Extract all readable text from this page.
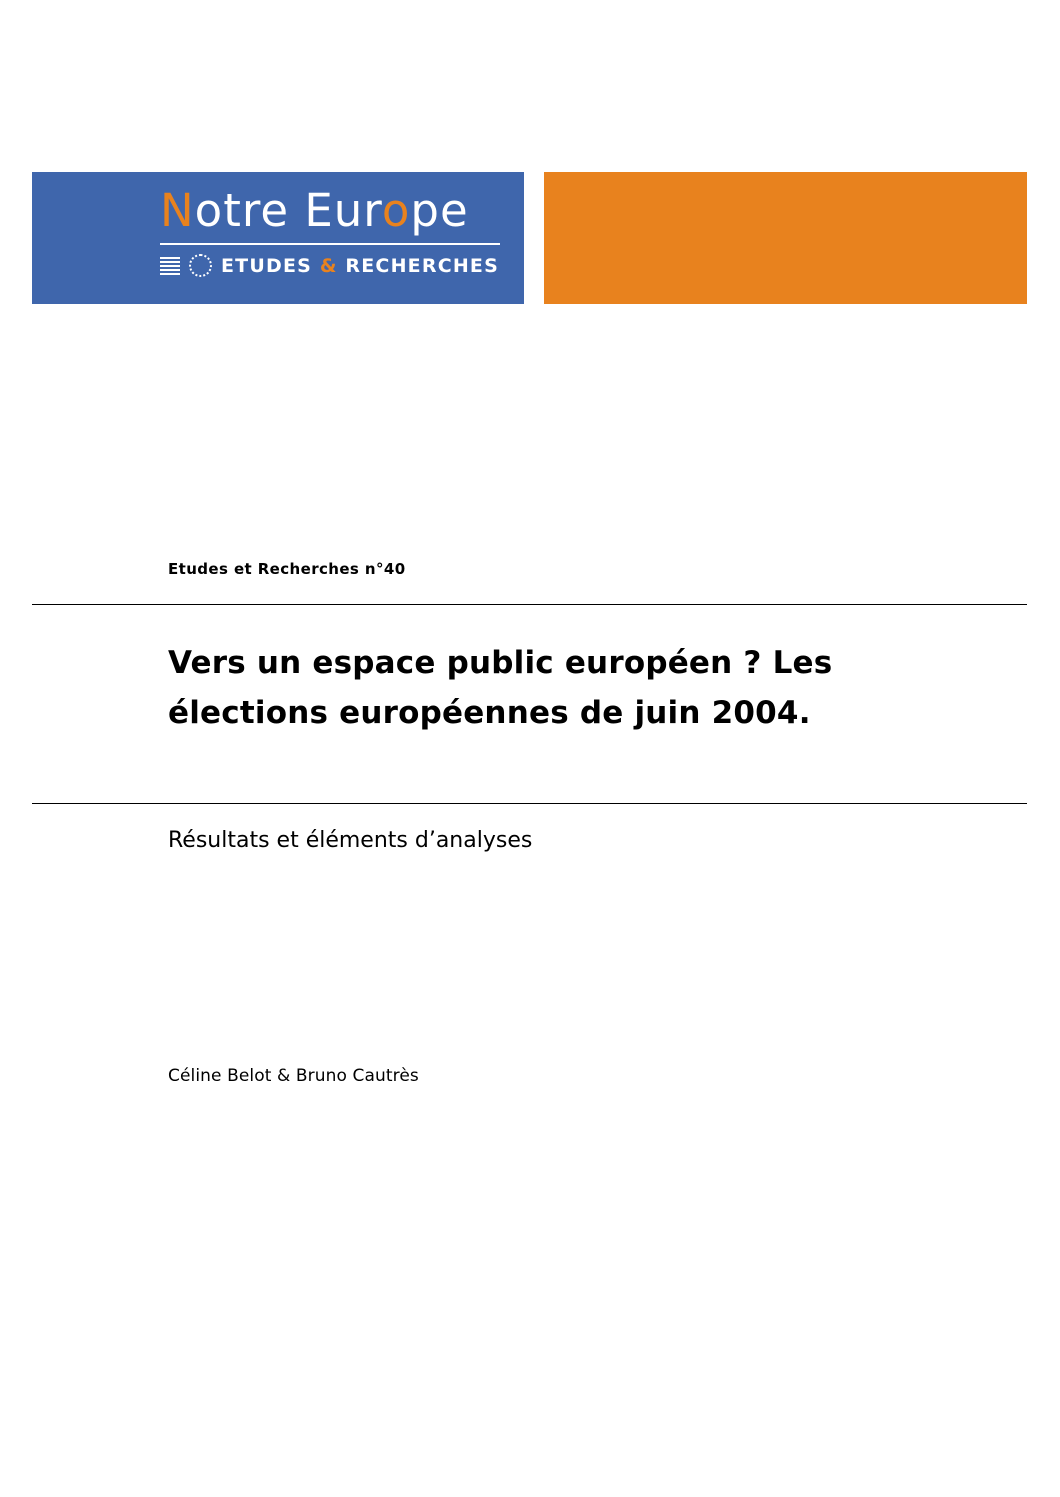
Notre Europe
ETUDES & RECHERCHES
Etudes et Recherches n°40
Vers un espace public européen ? Les élections européennes de juin 2004.
Résultats et éléments d’analyses
Céline Belot & Bruno Cautrès
